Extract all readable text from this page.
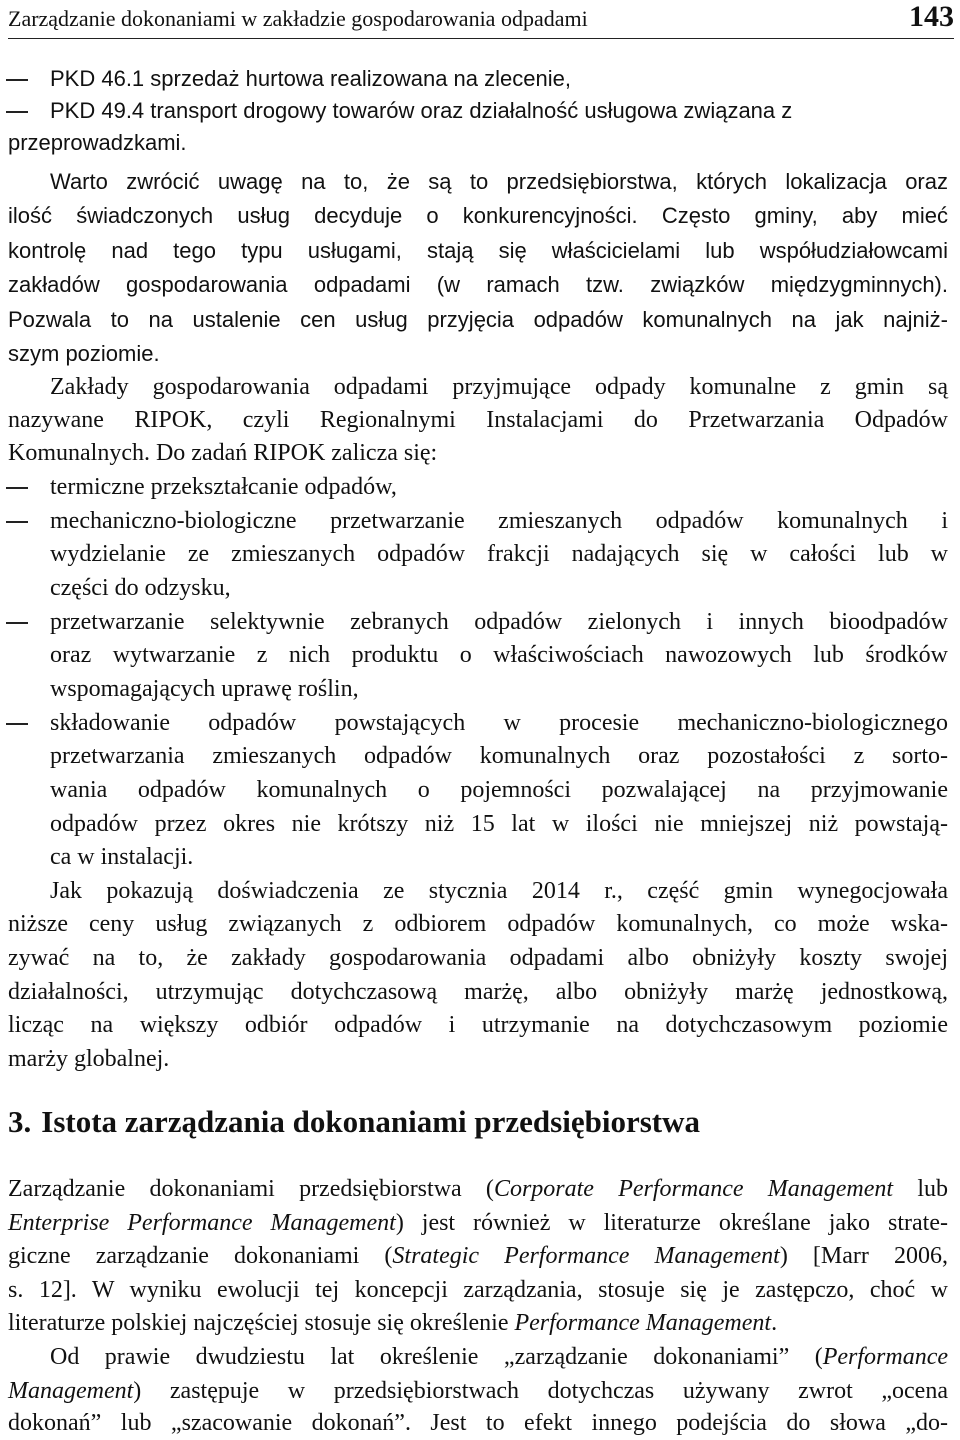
Zarządzanie dokonaniami w zakładzie gospodarowania odpadami	143
PKD 46.1 sprzedaż hurtowa realizowana na zlecenie,
PKD 49.4 transport drogowy towarów oraz działalność usługowa związana z
przeprowadzkami.
Warto zwrócić uwagę na to, że są to przedsiębiorstwa, których lokalizacja oraz
ilość świadczonych usług decyduje o konkurencyjności. Często gminy, aby mieć
kontrolę nad tego typu usługami, stają się właścicielami lub współudziałowcami
zakładów gospodarowania odpadami (w ramach tzw. związków międzygminnych).
Pozwala to na ustalenie cen usług przyjęcia odpadów komunalnych na jak najniż-
szym poziomie.
Zakłady gospodarowania odpadami przyjmujące odpady komunalne z gmin są
nazywane RIPOK, czyli Regionalnymi Instalacjami do Przetwarzania Odpadów
Komunalnych. Do zadań RIPOK zalicza się:
termiczne przekształcanie odpadów,
mechaniczno-biologiczne przetwarzanie zmieszanych odpadów komunalnych i
wydzielanie ze zmieszanych odpadów frakcji nadających się w całości lub w
części do odzysku,
przetwarzanie selektywnie zebranych odpadów zielonych i innych bioodpadów
oraz wytwarzanie z nich produktu o właściwościach nawozowych lub środków
wspomagających uprawę roślin,
składowanie odpadów powstających w procesie mechaniczno-biologicznego
przetwarzania zmieszanych odpadów komunalnych oraz pozostałości z sorto-
wania odpadów komunalnych o pojemności pozwalającej na przyjmowanie
odpadów przez okres nie krótszy niż 15 lat w ilości nie mniejszej niż powstają-
ca w instalacji.
Jak pokazują doświadczenia ze stycznia 2014 r., część gmin wynegocjowała
niższe ceny usług związanych z odbiorem odpadów komunalnych, co może wska-
zywać na to, że zakłady gospodarowania odpadami albo obniżyły koszty swojej
działalności, utrzymując dotychczasową marżę, albo obniżyły marżę jednostkową,
licząc na większy odbiór odpadów i utrzymanie na dotychczasowym poziomie
marży globalnej.
3. Istota zarządzania dokonaniami przedsiębiorstwa
Zarządzanie dokonaniami przedsiębiorstwa (Corporate Performance Management lub
Enterprise Performance Management) jest również w literaturze określane jako strate-
giczne zarządzanie dokonaniami (Strategic Performance Management) [Marr 2006,
s. 12]. W wyniku ewolucji tej koncepcji zarządzania, stosuje się je zastępczo, choć w
literaturze polskiej najczęściej stosuje się określenie Performance Management.
Od prawie dwudziestu lat określenie „zarządzanie dokonaniami” (Performance
Management) zastępuje w przedsiębiorstwach dotychczas używany zwrot „ocena
dokonań” lub „szacowanie dokonań”. Jest to efekt innego podejścia do słowa „do-
